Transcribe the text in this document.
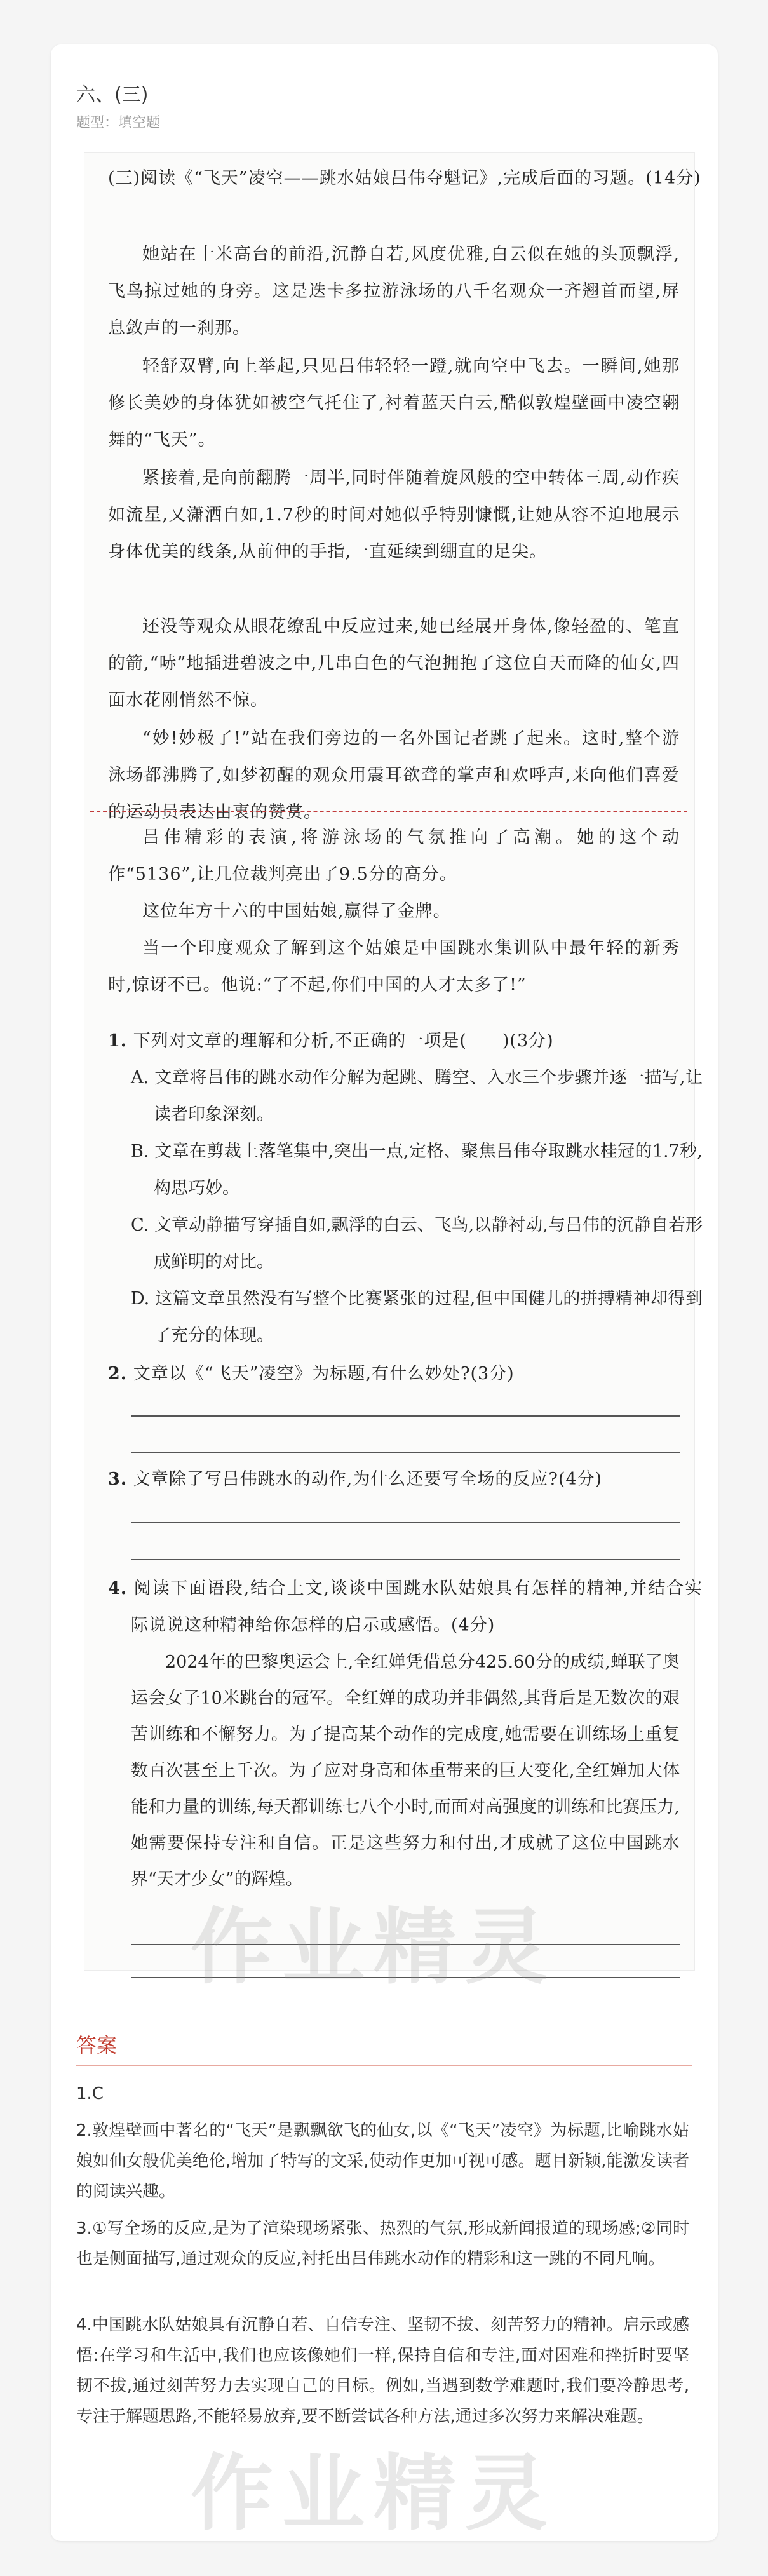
六、(三)
题型：填空题

(三)阅读《“飞天”凌空——跳水姑娘吕伟夺魁记》,完成后面的习题。(14分)

她站在十米高台的前沿,沉静自若,风度优雅,白云似在她的头顶飘浮,飞鸟掠过她的身旁。这是迭卡多拉游泳场的八千名观众一齐翘首而望,屏息敛声的一刹那。

轻舒双臂,向上举起,只见吕伟轻轻一蹬,就向空中飞去。一瞬间,她那修长美妙的身体犹如被空气托住了,衬着蓝天白云,酷似敦煌壁画中凌空翱舞的“飞天”。

紧接着,是向前翻腾一周半,同时伴随着旋风般的空中转体三周,动作疾如流星,又潇洒自如,1.7秒的时间对她似乎特别慷慨,让她从容不迫地展示身体优美的线条,从前伸的手指,一直延续到绷直的足尖。

还没等观众从眼花缭乱中反应过来,她已经展开身体,像轻盈的、笔直的箭,“哧”地插进碧波之中,几串白色的气泡拥抱了这位自天而降的仙女,四面水花刚悄然不惊。

“妙!妙极了!”站在我们旁边的一名外国记者跳了起来。这时,整个游泳场都沸腾了,如梦初醒的观众用震耳欲聋的掌声和欢呼声,来向他们喜爱的运动员表达由衷的赞赏。

吕伟精彩的表演,将游泳场的气氛推向了高潮。她的这个动作“5136”,让几位裁判亮出了9.5分的高分。

这位年方十六的中国姑娘,赢得了金牌。

当一个印度观众了解到这个姑娘是中国跳水集训队中最年轻的新秀时,惊讶不已。他说:“了不起,你们中国的人才太多了!”

1. 下列对文章的理解和分析,不正确的一项是(　　)(3分)

A. 文章将吕伟的跳水动作分解为起跳、腾空、入水三个步骤并逐一描写,让读者印象深刻。

B. 文章在剪裁上落笔集中,突出一点,定格、聚焦吕伟夺取跳水桂冠的1.7秒,构思巧妙。

C. 文章动静描写穿插自如,飘浮的白云、飞鸟,以静衬动,与吕伟的沉静自若形成鲜明的对比。

D. 这篇文章虽然没有写整个比赛紧张的过程,但中国健儿的拼搏精神却得到了充分的体现。

2. 文章以《“飞天”凌空》为标题,有什么妙处?(3分)

3. 文章除了写吕伟跳水的动作,为什么还要写全场的反应?(4分)

4. 阅读下面语段,结合上文,谈谈中国跳水队姑娘具有怎样的精神,并结合实际说说这种精神给你怎样的启示或感悟。(4分)

2024年的巴黎奥运会上,全红婵凭借总分425.60分的成绩,蝉联了奥运会女子10米跳台的冠军。全红婵的成功并非偶然,其背后是无数次的艰苦训练和不懈努力。为了提高某个动作的完成度,她需要在训练场上重复数百次甚至上千次。为了应对身高和体重带来的巨大变化,全红婵加大体能和力量的训练,每天都训练七八个小时,而面对高强度的训练和比赛压力,她需要保持专注和自信。正是这些努力和付出,才成就了这位中国跳水界“天才少女”的辉煌。

作业精灵
答案

1.C

2.敦煌壁画中著名的“飞天”是飘飘欲飞的仙女,以《“飞天”凌空》为标题,比喻跳水姑娘如仙女般优美绝伦,增加了特写的文采,使动作更加可视可感。题目新颖,能激发读者的阅读兴趣。

3.①写全场的反应,是为了渲染现场紧张、热烈的气氛,形成新闻报道的现场感;②同时也是侧面描写,通过观众的反应,衬托出吕伟跳水动作的精彩和这一跳的不同凡响。

4.中国跳水队姑娘具有沉静自若、自信专注、坚韧不拔、刻苦努力的精神。启示或感悟:在学习和生活中,我们也应该像她们一样,保持自信和专注,面对困难和挫折时要坚韧不拔,通过刻苦努力去实现自己的目标。例如,当遇到数学难题时,我们要冷静思考,专注于解题思路,不能轻易放弃,要不断尝试各种方法,通过多次努力来解决难题。

作业精灵
